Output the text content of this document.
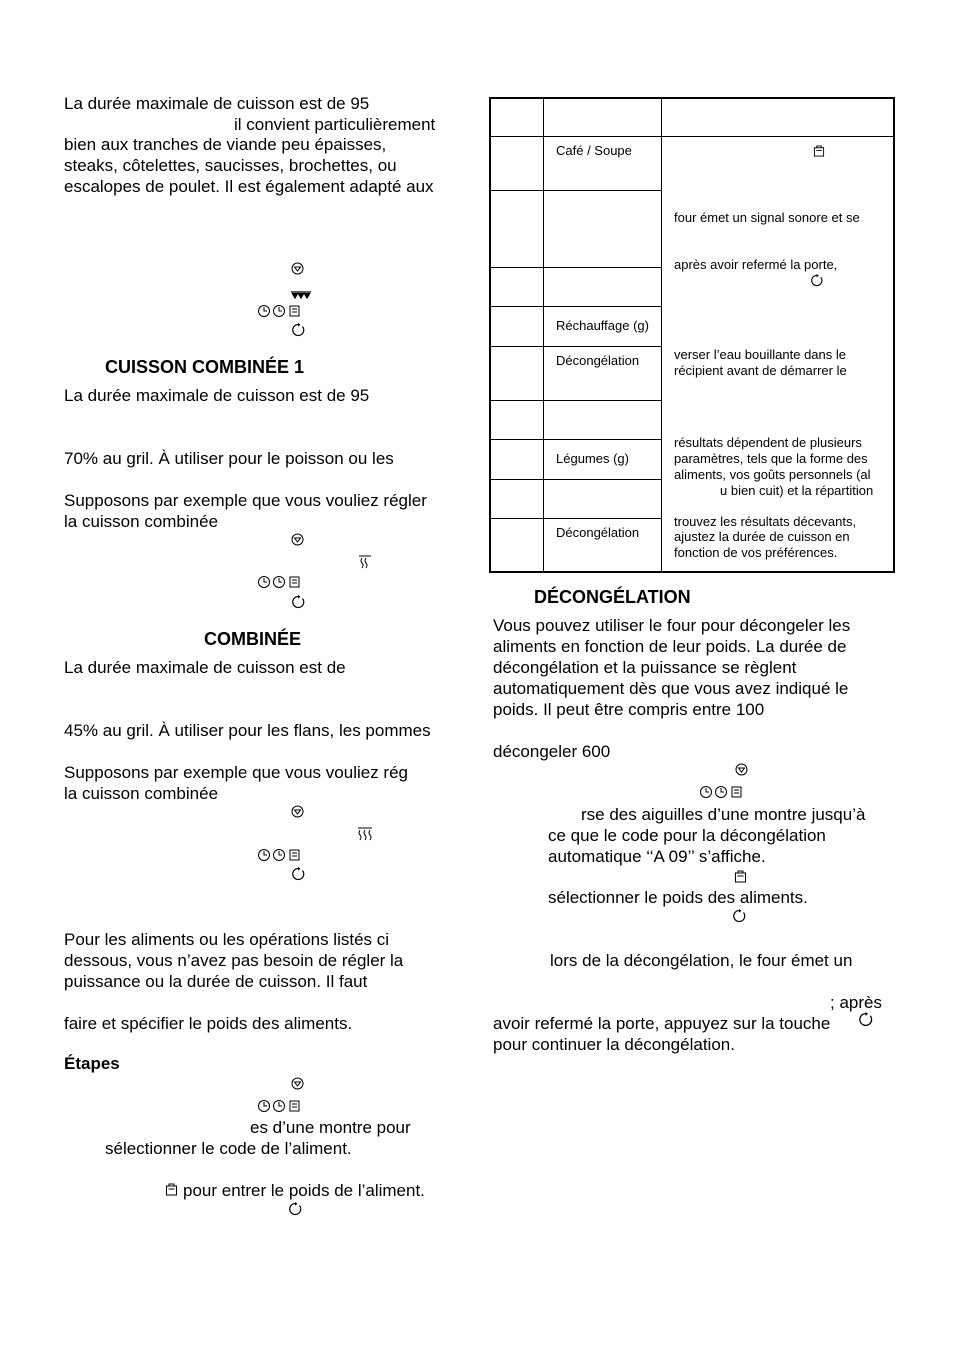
La durée maximale de cuisson est de 95
il convient particulièrement
bien aux tranches de viande peu épaisses,
steaks, côtelettes, saucisses, brochettes, ou
escalopes de poulet. Il est également adapté aux
CUISSON COMBINÉE 1
La durée maximale de cuisson est de 95
70% au gril. À utiliser pour le poisson ou les
Supposons par exemple que vous vouliez régler
la cuisson combinée
COMBINÉE
La durée maximale de cuisson est de
45% au gril. À utiliser pour les flans, les pommes
Supposons par exemple que vous vouliez rég
la cuisson combinée
Pour les aliments ou les opérations listés ci
dessous, vous n’avez pas besoin de régler la
puissance ou la durée de cuisson. Il faut
faire et spécifier le poids des aliments.
Étapes
es d’une montre pour
sélectionner le code de l’aliment.
pour entrer le poids de l’aliment.
Café / Soupe
Réchauffage (g)
Décongélation
Légumes (g)
Décongélation
four émet un signal sonore et se
après avoir refermé la porte,
verser l’eau bouillante dans le
récipient avant de démarrer le
résultats dépendent de plusieurs
paramètres, tels que la forme des
aliments, vos goûts personnels (al
u bien cuit) et la répartition
trouvez les résultats décevants,
ajustez la durée de cuisson en
fonction de vos préférences.
DÉCONGÉLATION
Vous pouvez utiliser le four pour décongeler les
aliments en fonction de leur poids. La durée de
décongélation et la puissance se règlent
automatiquement dès que vous avez indiqué le
poids. Il peut être compris entre 100
décongeler 600
rse des aiguilles d’une montre jusqu’à
ce que le code pour la décongélation
automatique ‘‘A 09’’ s’affiche.
sélectionner le poids des aliments.
lors de la décongélation, le four émet un
; après
avoir refermé la porte, appuyez sur la touche
pour continuer la décongélation.
